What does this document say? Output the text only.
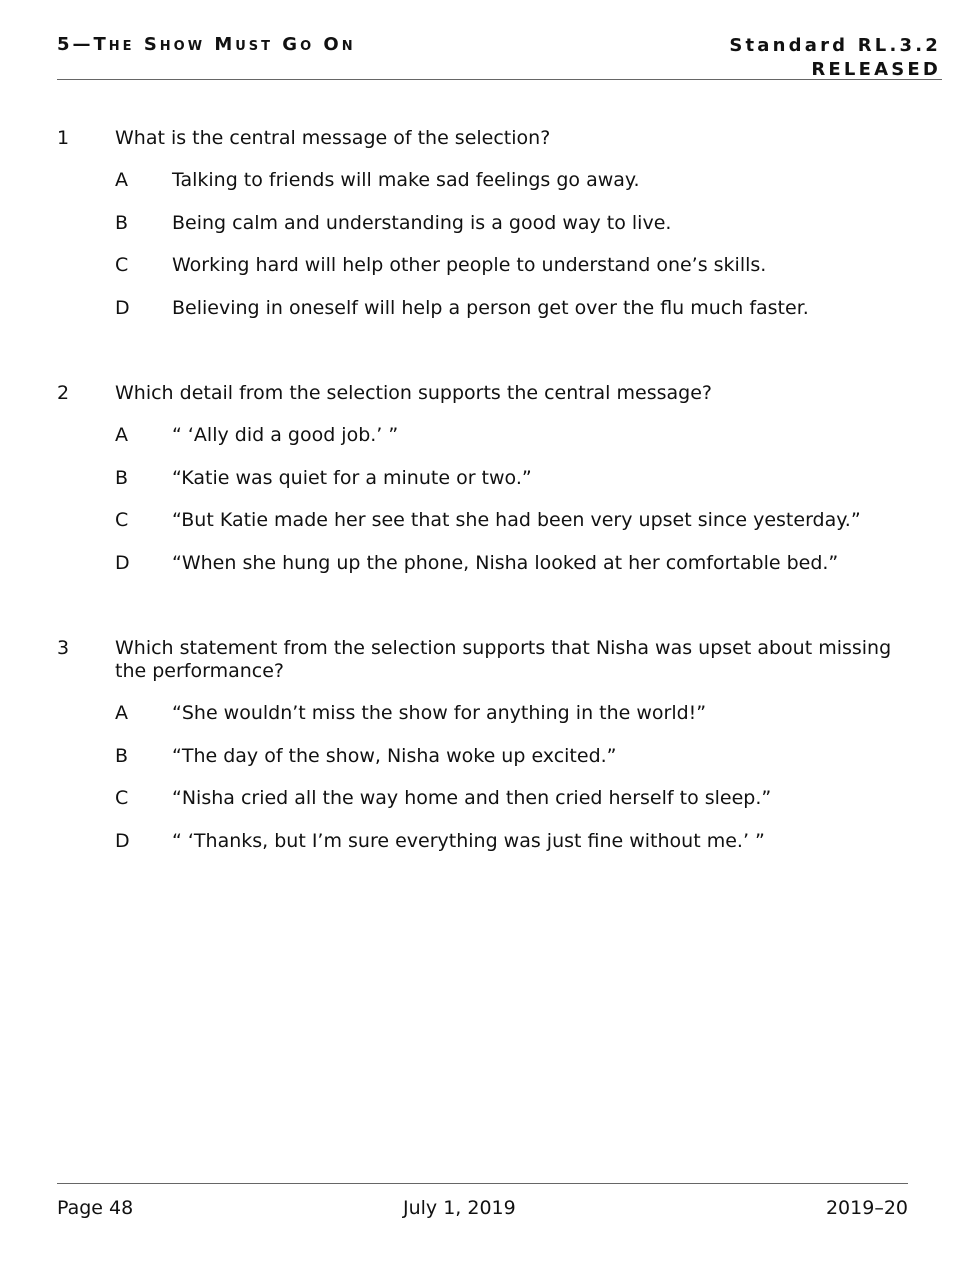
5—The Show Must Go On	Standard RL.3.2
RELEASED
1 What is the central message of the selection?
A Talking to friends will make sad feelings go away.
B Being calm and understanding is a good way to live.
C Working hard will help other people to understand one’s skills.
D Believing in oneself will help a person get over the flu much faster.
2 Which detail from the selection supports the central message?
A “ ‘Ally did a good job.’ ”
B “Katie was quiet for a minute or two.”
C “But Katie made her see that she had been very upset since yesterday.”
D “When she hung up the phone, Nisha looked at her comfortable bed.”
3 Which statement from the selection supports that Nisha was upset about missing the performance?
A “She wouldn’t miss the show for anything in the world!”
B “The day of the show, Nisha woke up excited.”
C “Nisha cried all the way home and then cried herself to sleep.”
D “ ‘Thanks, but I’m sure everything was just fine without me.’ ”
Page 48	July 1, 2019	2019–20
